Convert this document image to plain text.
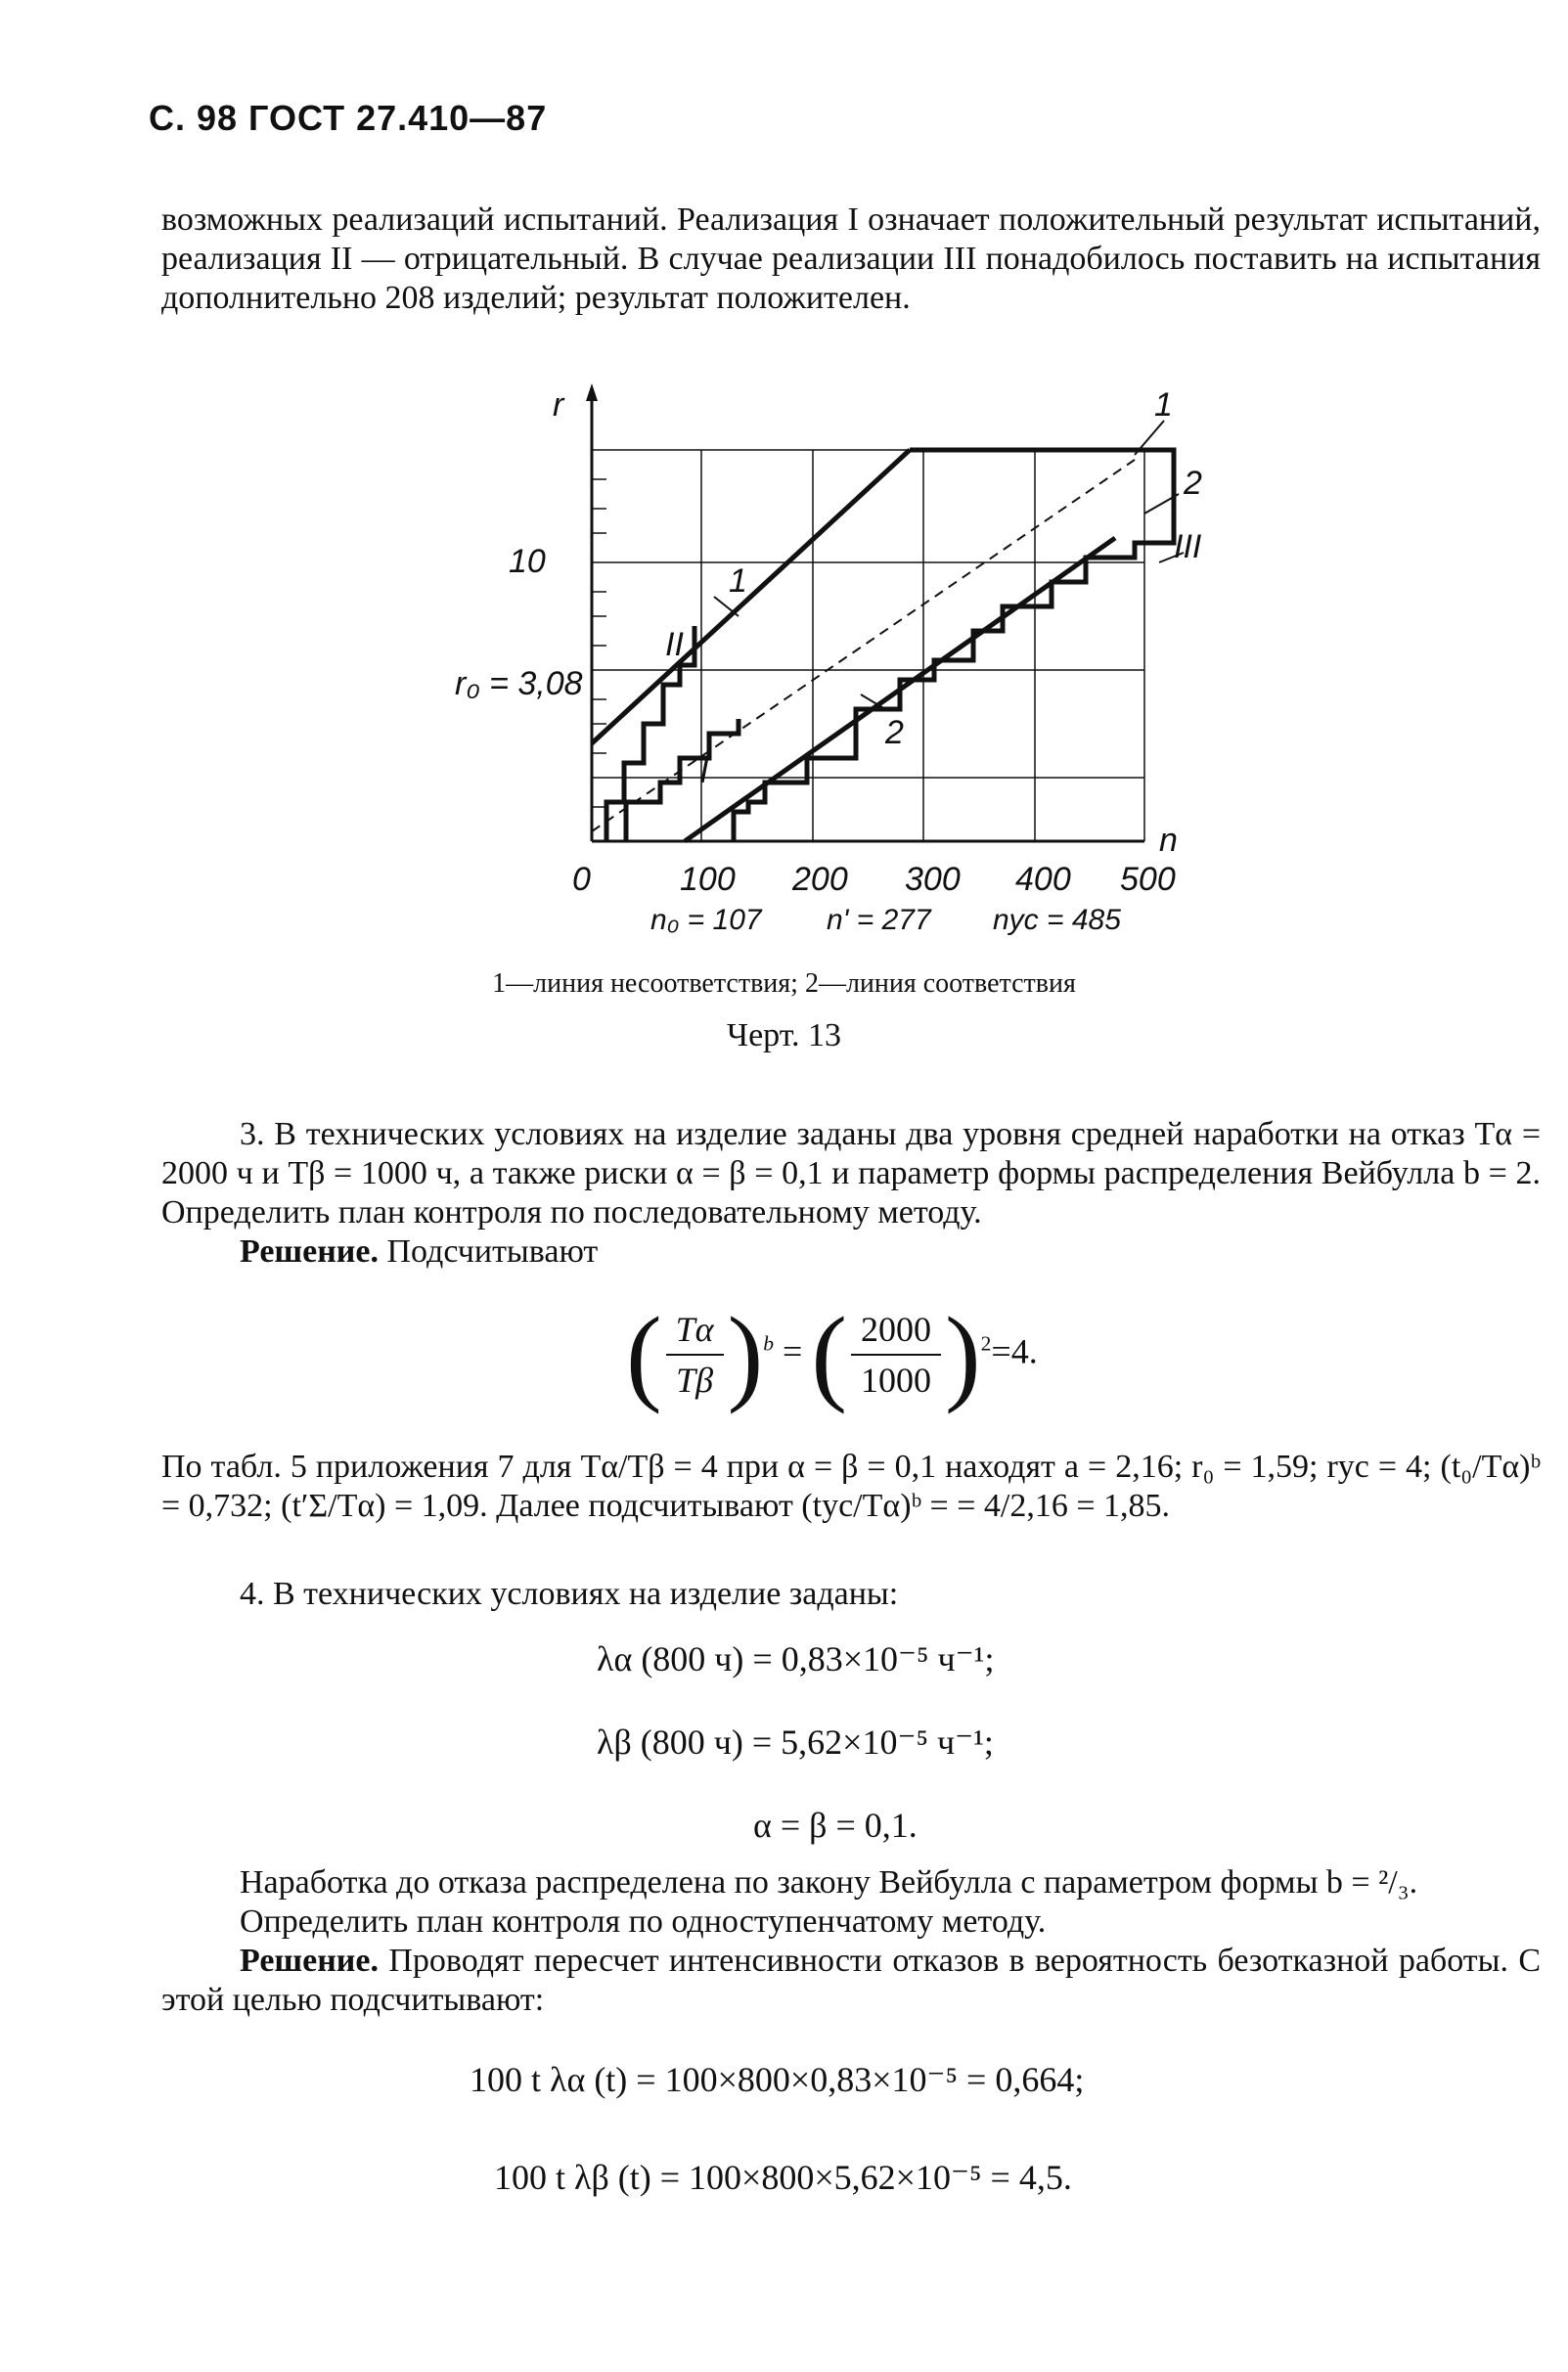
С. 98 ГОСТ 27.410—87

возможных реализаций испытаний. Реализация I означает положительный результат испытаний, реализация II — отрицательный. В случае реализации III понадобилось поставить на испытания дополнительно 208 изделий; результат положителен.

r
n
10
r₀ = 3,08
1
2
1
2
I
II
III
0	100 200 300 400 500
n₀ = 107 n' = 277 nус = 485
1—линия несоответствия; 2—линия соответствия
Черт. 13

3. В технических условиях на изделие заданы два уровня средней наработки на отказ Tα = 2000 ч и Tβ = 1000 ч, а также риски α = β = 0,1 и параметр формы распределения Вейбулла b = 2. Определить план контроля по последовательному методу.

Решение. Подсчитывают

( $\frac{T\alpha}{T\beta} )^b$ = ( $\frac{2000}{1000} )^2=4$.

По табл. 5 приложения 7 для Tα/Tβ = 4 при α = β = 0,1 находят a = 2,16; r₀ = 1,59; rус = 4; (t₀/Tα)ᵇ = 0,732; (t′Σ/Tα) = 1,09. Далее подсчитывают (tус/Tα)ᵇ = = 4/2,16 = 1,85.

4. В технических условиях на изделие заданы:

λα (800 ч) = 0,83×10⁻⁵ ч⁻¹;
λβ (800 ч) = 5,62×10⁻⁵ ч⁻¹;
α = β = 0,1.

Наработка до отказа распределена по закону Вейбулла с параметром формы b = ²/₃.

Определить план контроля по одноступенчатому методу.

Решение. Проводят пересчет интенсивности отказов в вероятность безотказной работы. С этой целью подсчитывают:

100 t λα (t) = 100×800×0,83×10⁻⁵ = 0,664;
100 t λβ (t) = 100×800×5,62×10⁻⁵ = 4,5.
